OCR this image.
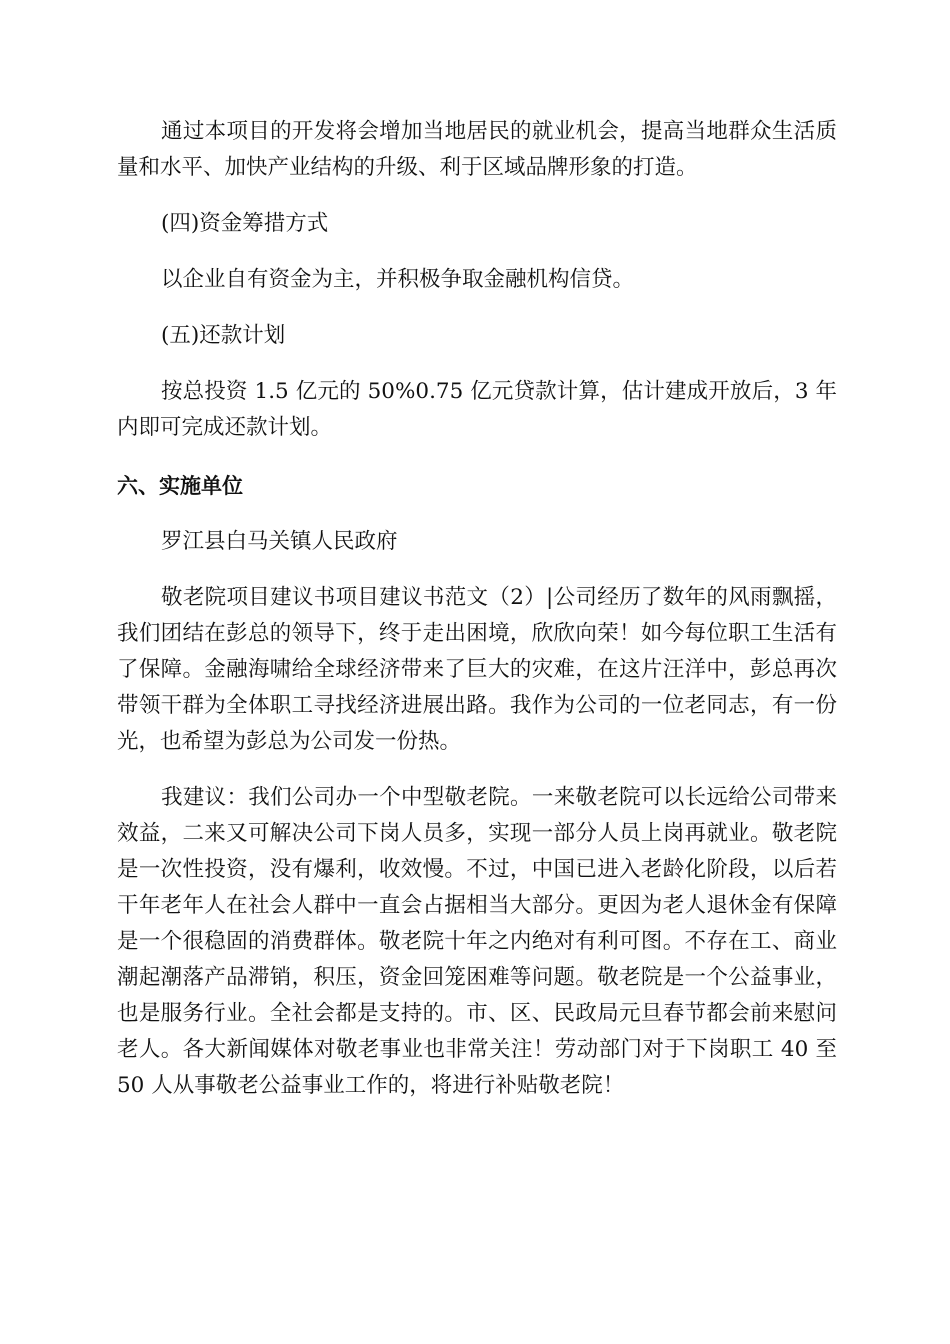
通过本项目的开发将会增加当地居民的就业机会，提高当地群众生活质量和水平、加快产业结构的升级、利于区域品牌形象的打造。

(四)资金筹措方式

以企业自有资金为主，并积极争取金融机构信贷。

(五)还款计划

按总投资 1.5 亿元的 50%0.75 亿元贷款计算，估计建成开放后，3 年内即可完成还款计划。

六、实施单位

罗江县白马关镇人民政府

敬老院项目建议书项目建议书范文（2）|公司经历了数年的风雨飘摇，我们团结在彭总的领导下，终于走出困境，欣欣向荣！如今每位职工生活有了保障。金融海啸给全球经济带来了巨大的灾难，在这片汪洋中，彭总再次带领干群为全体职工寻找经济进展出路。我作为公司的一位老同志，有一份光，也希望为彭总为公司发一份热。

我建议：我们公司办一个中型敬老院。一来敬老院可以长远给公司带来效益，二来又可解决公司下岗人员多，实现一部分人员上岗再就业。敬老院是一次性投资，没有爆利，收效慢。不过，中国已进入老龄化阶段，以后若干年老年人在社会人群中一直会占据相当大部分。更因为老人退休金有保障是一个很稳固的消费群体。敬老院十年之内绝对有利可图。不存在工、商业潮起潮落产品滞销，积压，资金回笼困难等问题。敬老院是一个公益事业，也是服务行业。全社会都是支持的。市、区、民政局元旦春节都会前来慰问老人。各大新闻媒体对敬老事业也非常关注！劳动部门对于下岗职工 40 至 50 人从事敬老公益事业工作的，将进行补贴敬老院！
